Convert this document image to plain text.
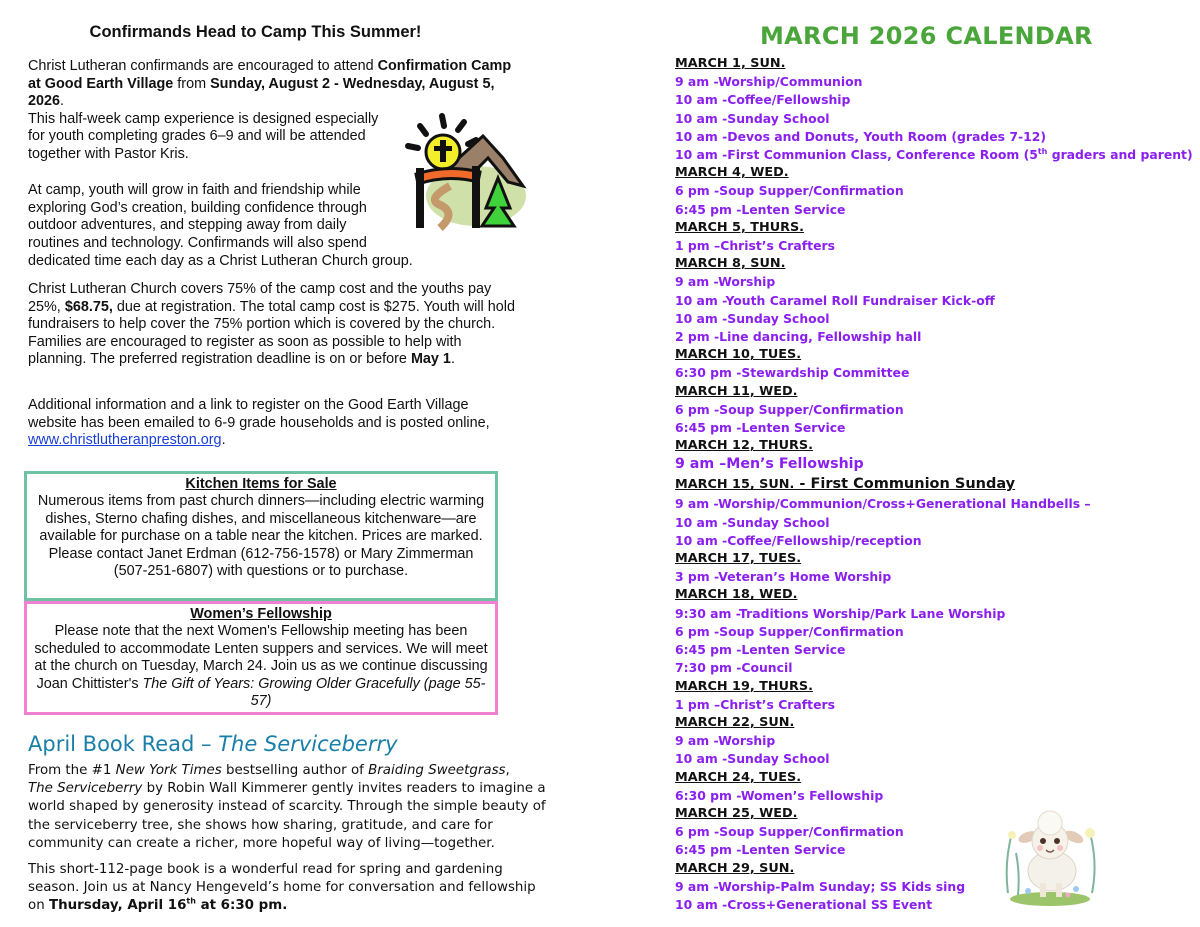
Confirmands Head to Camp This Summer!

Christ Lutheran confirmands are encouraged to attend Confirmation Camp at Good Earth Village from Sunday, August 2 - Wednesday, August 5, 2026.
This half-week camp experience is designed especially for youth completing grades 6–9 and will be attended together with Pastor Kris.

At camp, youth will grow in faith and friendship while exploring God’s creation, building confidence through outdoor adventures, and stepping away from daily routines and technology. Confirmands will also spend

dedicated time each day as a Christ Lutheran Church group.

Christ Lutheran Church covers 75% of the camp cost and the youths pay 25%, $68.75, due at registration. The total camp cost is $275. Youth will hold fundraisers to help cover the 75% portion which is covered by the church. Families are encouraged to register as soon as possible to help with planning. The preferred registration deadline is on or before May 1.

Additional information and a link to register on the Good Earth Village website has been emailed to 6-9 grade households and is posted online, www.christlutheranpreston.org.

Kitchen Items for Sale
Numerous items from past church dinners—including electric warming dishes, Sterno chafing dishes, and miscellaneous kitchenware—are available for purchase on a table near the kitchen. Prices are marked. Please contact Janet Erdman (612-756-1578) or Mary Zimmerman (507-251-6807) with questions or to purchase.
Women’s Fellowship
Please note that the next Women's Fellowship meeting has been scheduled to accommodate Lenten suppers and services. We will meet at the church on Tuesday, March 24. Join us as we continue discussing Joan Chittister's The Gift of Years: Growing Older Gracefully (page 55-57)
April Book Read – The Serviceberry

From the #1 New York Times bestselling author of Braiding Sweetgrass,
The Serviceberry by Robin Wall Kimmerer gently invites readers to imagine a world shaped by generosity instead of scarcity. Through the simple beauty of the serviceberry tree, she shows how sharing, gratitude, and care for community can create a richer, more hopeful way of living—together.

This short-112-page book is a wonderful read for spring and gardening season. Join us at Nancy Hengeveld’s home for conversation and fellowship on Thursday, April 16th at 6:30 pm.

MARCH 2026 CALENDAR
MARCH 1, SUN.
9 am -Worship/Communion
10 am -Coffee/Fellowship
10 am -Sunday School
10 am -Devos and Donuts, Youth Room (grades 7-12)
10 am -First Communion Class, Conference Room (5th graders and parent)
MARCH 4, WED.
6 pm -Soup Supper/Confirmation
6:45 pm -Lenten Service
MARCH 5, THURS.
1 pm –Christ’s Crafters
MARCH 8, SUN.
9 am -Worship
10 am -Youth Caramel Roll Fundraiser Kick-off
10 am -Sunday School
2 pm -Line dancing, Fellowship hall
MARCH 10, TUES.
6:30 pm -Stewardship Committee
MARCH 11, WED.
6 pm -Soup Supper/Confirmation
6:45 pm -Lenten Service
MARCH 12, THURS.
9 am –Men’s Fellowship
MARCH 15, SUN. - First Communion Sunday
9 am -Worship/Communion/Cross+Generational Handbells –
10 am -Sunday School
10 am -Coffee/Fellowship/reception
MARCH 17, TUES.
3 pm -Veteran’s Home Worship
MARCH 18, WED.
9:30 am -Traditions Worship/Park Lane Worship
6 pm -Soup Supper/Confirmation
6:45 pm -Lenten Service
7:30 pm -Council
MARCH 19, THURS.
1 pm –Christ’s Crafters
MARCH 22, SUN.
9 am -Worship
10 am -Sunday School
MARCH 24, TUES.
6:30 pm -Women’s Fellowship
MARCH 25, WED.
6 pm -Soup Supper/Confirmation
6:45 pm -Lenten Service
MARCH 29, SUN.
9 am -Worship-Palm Sunday; SS Kids sing
10 am -Cross+Generational SS Event
